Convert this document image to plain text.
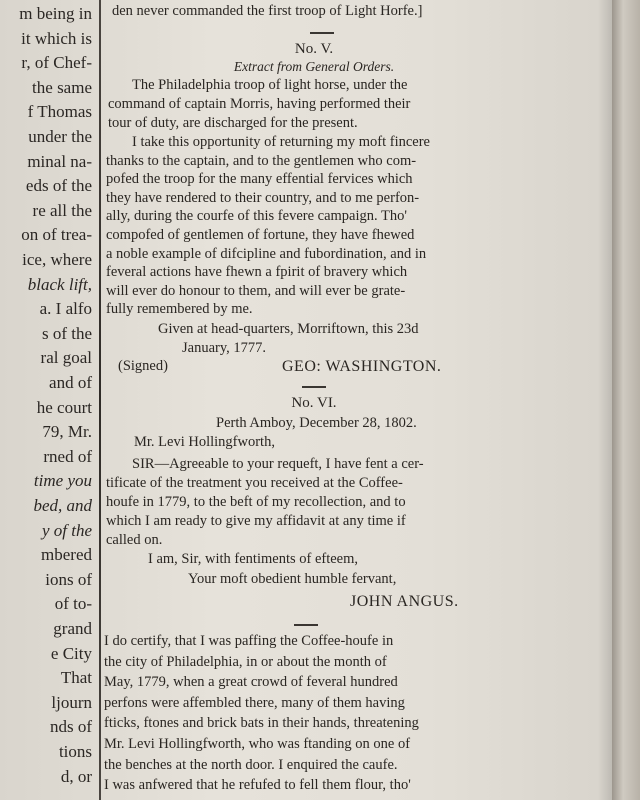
m being in
it which is
r, of Chef-
the same
f Thomas
under the
minal na-
eds of the
re all the
on of trea-
ice, where
black lift,
a. I alfo
s of the
ral goal
and of
he court
79, Mr.
rned of
time you
bed, and
y of the
mbered
ions of
of to-
grand
e City
That
ljourn
nds of
tions
d, or
den never commanded the first troop of Light Horfe.]
No. V.
Extract from General Orders.
The Philadelphia troop of light horse, under the
command of captain Morris, having performed their
tour of duty, are discharged for the present.
I take this opportunity of returning my moft fincere
thanks to the captain, and to the gentlemen who com-
pofed the troop for the many effential fervices which
they have rendered to their country, and to me perfon-
ally, during the courfe of this fevere campaign. Tho'
compofed of gentlemen of fortune, they have fhewed
a noble example of difcipline and fubordination, and in
feveral actions have fhewn a fpirit of bravery which
will ever do honour to them, and will ever be grate-
fully remembered by me.
Given at head-quarters, Morriftown, this 23d
January, 1777.
(Signed)	GEO: WASHINGTON.
No. VI.
Perth Amboy, December 28, 1802.
Mr. Levi Hollingfworth,
SIR—Agreeable to your requeft, I have fent a cer-
tificate of the treatment you received at the Coffee-
houfe in 1779, to the beft of my recollection, and to
which I am ready to give my affidavit at any time if
called on.
I am, Sir, with fentiments of efteem,
Your moft obedient humble fervant,
JOHN ANGUS.
I do certify, that I was paffing the Coffee-houfe in
the city of Philadelphia, in or about the month of
May, 1779, when a great crowd of feveral hundred
perfons were affembled there, many of them having
fticks, ftones and brick bats in their hands, threatening
Mr. Levi Hollingfworth, who was ftanding on one of
the benches at the north door. I enquired the caufe.
I was anfwered that he refufed to fell them flour, tho'
